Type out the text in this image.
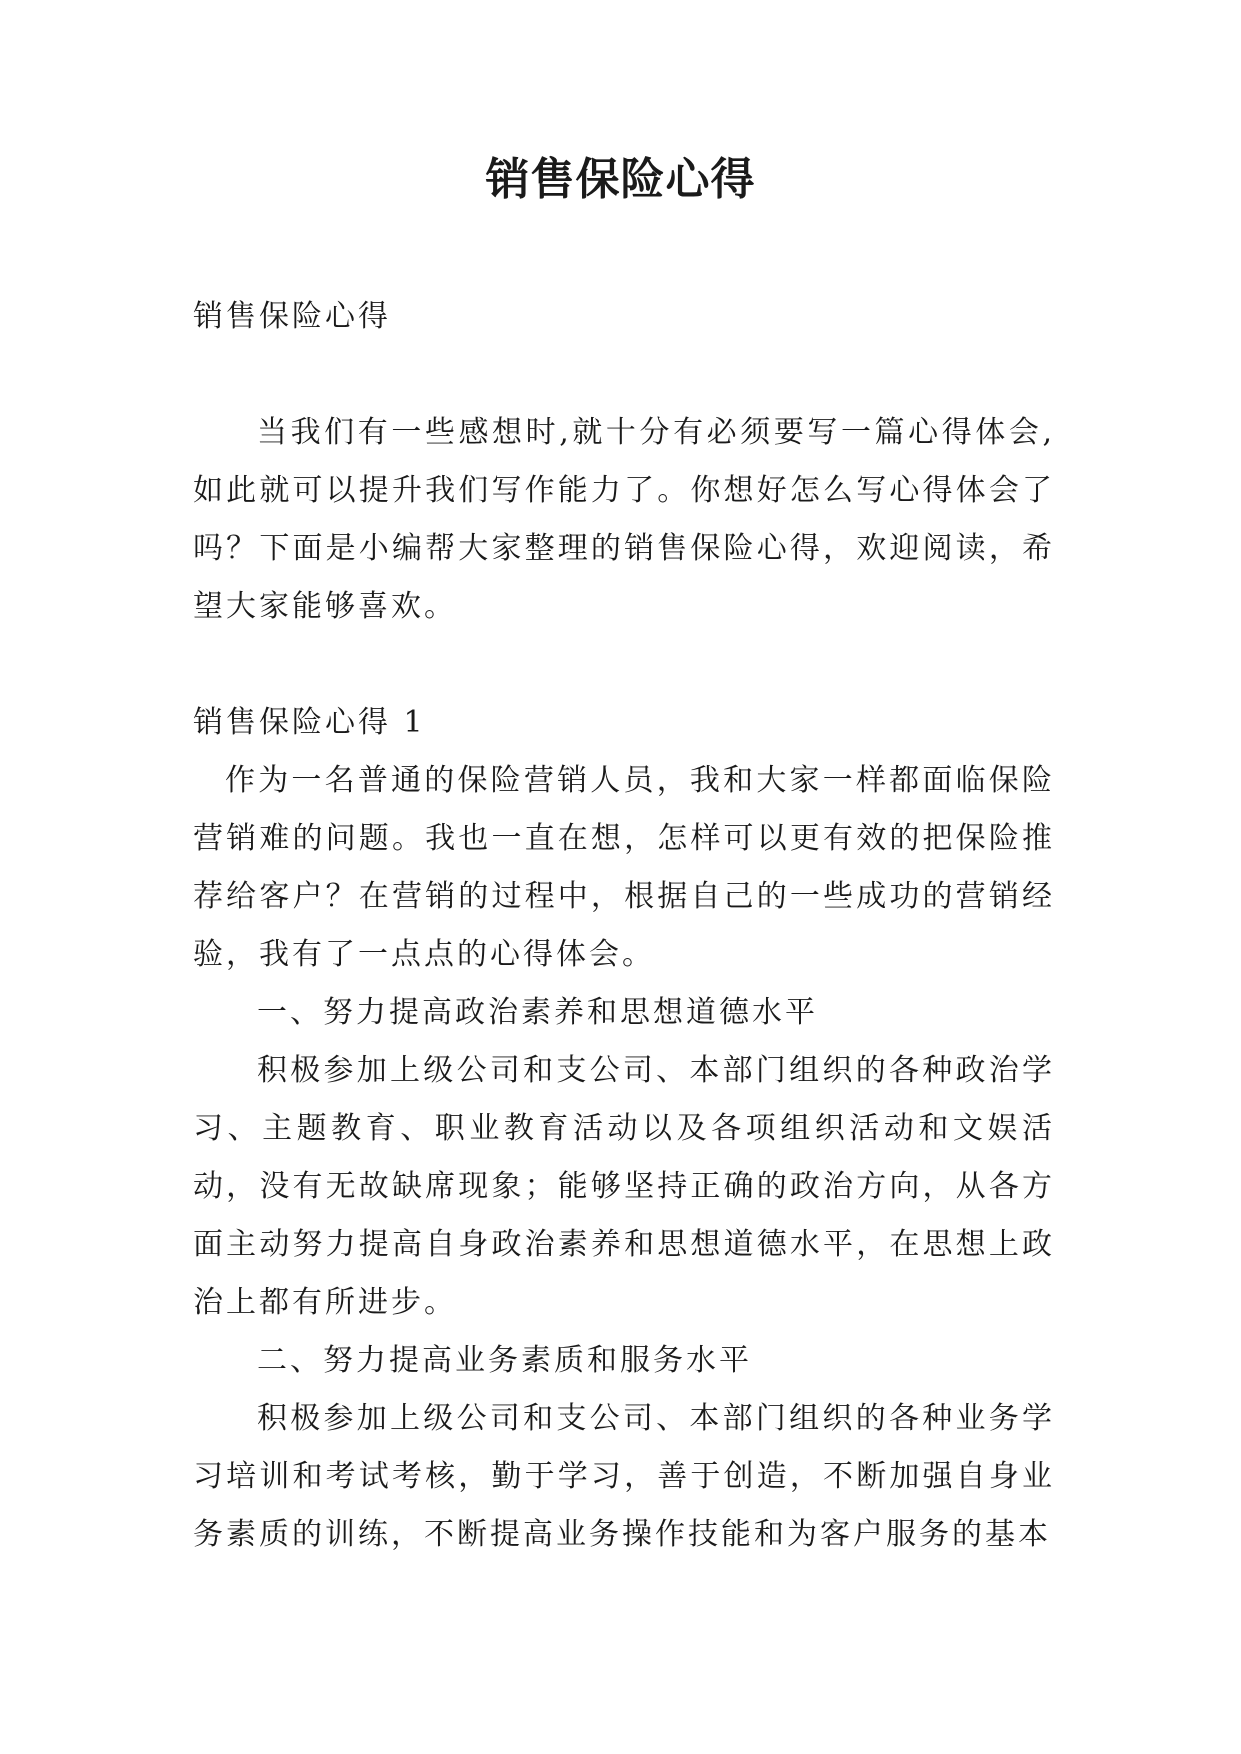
销售保险心得

销售保险心得

当我们有一些感想时,就十分有必须要写一篇心得体会,如此就可以提升我们写作能力了。你想好怎么写心得体会了吗？下面是小编帮大家整理的销售保险心得，欢迎阅读，希望大家能够喜欢。

销售保险心得 1

作为一名普通的保险营销人员，我和大家一样都面临保险营销难的问题。我也一直在想，怎样可以更有效的把保险推荐给客户？在营销的过程中，根据自己的一些成功的营销经验，我有了一点点的心得体会。

一、努力提高政治素养和思想道德水平

积极参加上级公司和支公司、本部门组织的各种政治学习、主题教育、职业教育活动以及各项组织活动和文娱活动，没有无故缺席现象；能够坚持正确的政治方向，从各方面主动努力提高自身政治素养和思想道德水平，在思想上政治上都有所进步。

二、努力提高业务素质和服务水平

积极参加上级公司和支公司、本部门组织的各种业务学习培训和考试考核，勤于学习，善于创造，不断加强自身业务素质的训练，不断提高业务操作技能和为客户服务的基本
